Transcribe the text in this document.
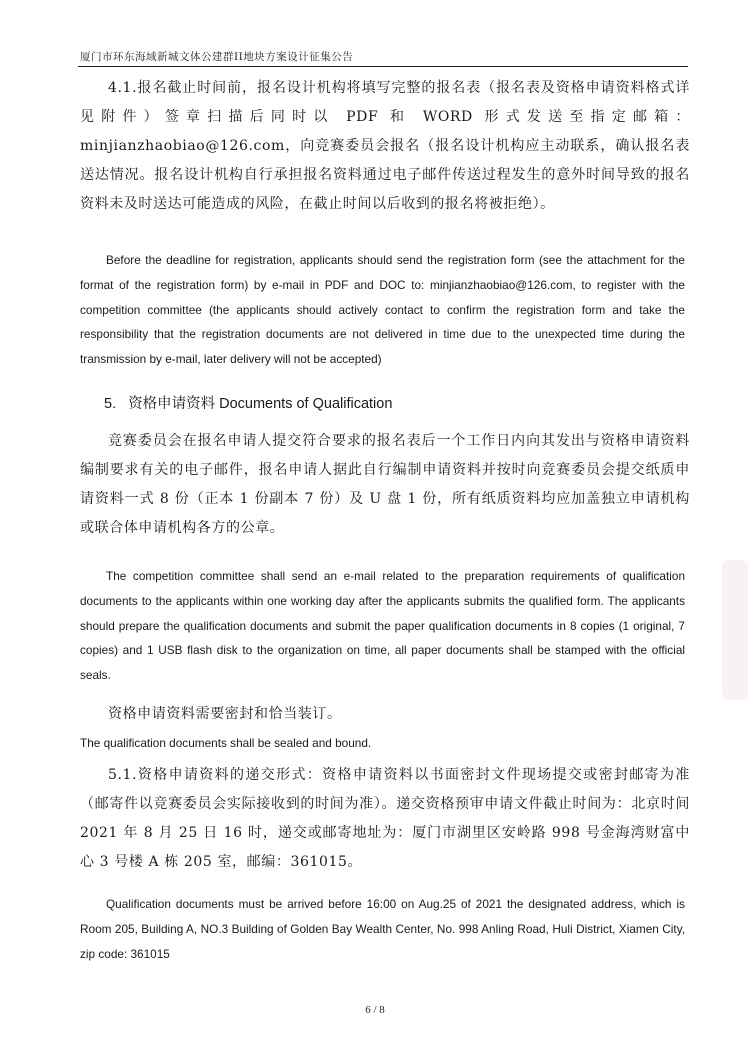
厦门市环东海域新城文体公建群II地块方案设计征集公告

4.1.报名截止时间前，报名设计机构将填写完整的报名表（报名表及资格申请资料格式详见附件）签章扫描后同时以 PDF 和 WORD 形式发送至指定邮箱：minjianzhaobiao@126.com，向竞赛委员会报名（报名设计机构应主动联系，确认报名表送达情况。报名设计机构自行承担报名资料通过电子邮件传送过程发生的意外时间导致的报名资料未及时送达可能造成的风险，在截止时间以后收到的报名将被拒绝）。

Before the deadline for registration, applicants should send the registration form (see the attachment for the format of the registration form) by e-mail in PDF and DOC to: minjianzhaobiao@126.com, to register with the competition committee (the applicants should actively contact to confirm the registration form and take the responsibility that the registration documents are not delivered in time due to the unexpected time during the transmission by e-mail, later delivery will not be accepted)

5. 资格申请资料 Documents of Qualification

竞赛委员会在报名申请人提交符合要求的报名表后一个工作日内向其发出与资格申请资料编制要求有关的电子邮件，报名申请人据此自行编制申请资料并按时向竞赛委员会提交纸质申请资料一式 8 份（正本 1 份副本 7 份）及 U 盘 1 份，所有纸质资料均应加盖独立申请机构或联合体申请机构各方的公章。

The competition committee shall send an e-mail related to the preparation requirements of qualification documents to the applicants within one working day after the applicants submits the qualified form. The applicants should prepare the qualification documents and submit the paper qualification documents in 8 copies (1 original, 7 copies) and 1 USB flash disk to the organization on time, all paper documents shall be stamped with the official seals.

资格申请资料需要密封和恰当装订。

The qualification documents shall be sealed and bound.

5.1.资格申请资料的递交形式：资格申请资料以书面密封文件现场提交或密封邮寄为准（邮寄件以竞赛委员会实际接收到的时间为准）。递交资格预审申请文件截止时间为：北京时间 2021 年 8 月 25 日 16 时，递交或邮寄地址为：厦门市湖里区安岭路 998 号金海湾财富中心 3 号楼 A 栋 205 室，邮编：361015。

Qualification documents must be arrived before 16:00 on Aug.25 of 2021 the designated address, which is Room 205, Building A, NO.3 Building of Golden Bay Wealth Center, No. 998 Anling Road, Huli District, Xiamen City, zip code: 361015

6 / 8
